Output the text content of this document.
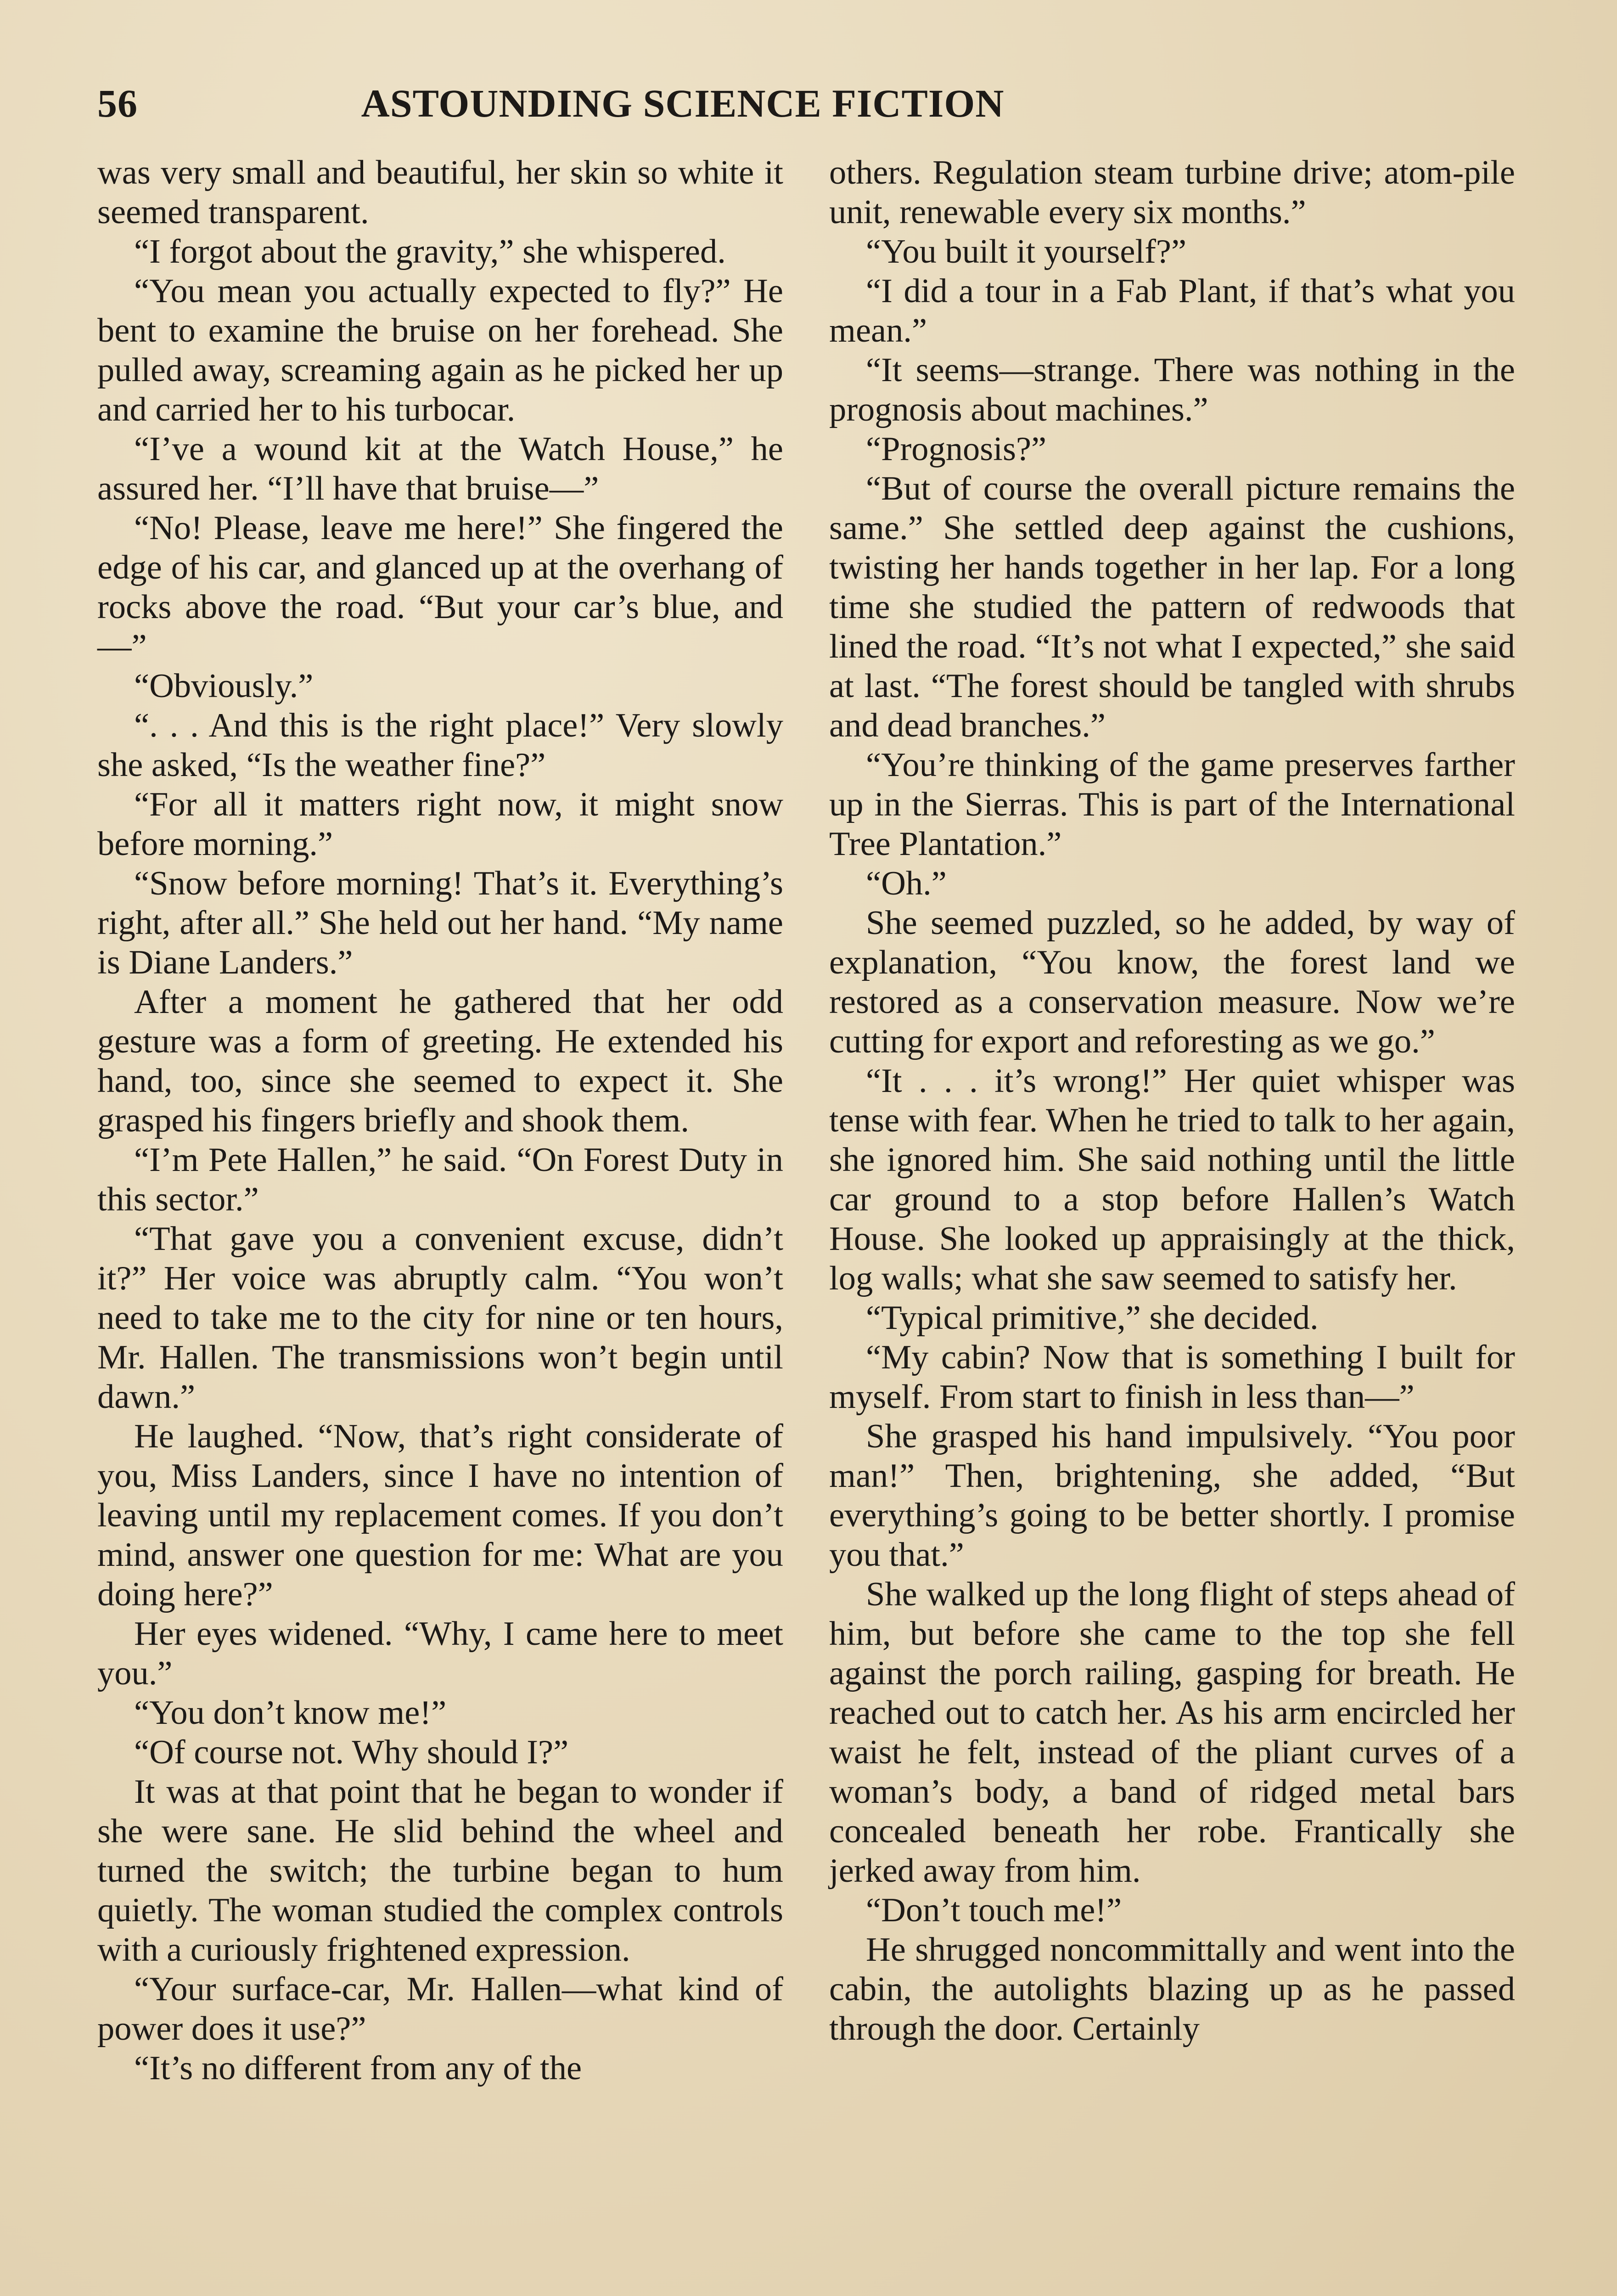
56	ASTOUNDING SCIENCE FICTION

was very small and beautiful, her skin so white it seemed transparent.

“I forgot about the gravity,” she whispered.

“You mean you actually expected to fly?” He bent to examine the bruise on her forehead. She pulled away, screaming again as he picked her up and carried her to his turbocar.

“I’ve a wound kit at the Watch House,” he assured her. “I’ll have that bruise—”

“No! Please, leave me here!” She fingered the edge of his car, and glanced up at the overhang of rocks above the road. “But your car’s blue, and—”

“Obviously.”

“. . . And this is the right place!” Very slowly she asked, “Is the weather fine?”

“For all it matters right now, it might snow before morning.”

“Snow before morning! That’s it. Everything’s right, after all.” She held out her hand. “My name is Diane Landers.”

After a moment he gathered that her odd gesture was a form of greeting. He extended his hand, too, since she seemed to expect it. She grasped his fingers briefly and shook them.

“I’m Pete Hallen,” he said. “On Forest Duty in this sector.”

“That gave you a convenient excuse, didn’t it?” Her voice was abruptly calm. “You won’t need to take me to the city for nine or ten hours, Mr. Hallen. The transmissions won’t begin until dawn.”

He laughed. “Now, that’s right considerate of you, Miss Landers, since I have no intention of leaving until my replacement comes. If you don’t mind, answer one question for me: What are you doing here?”

Her eyes widened. “Why, I came here to meet you.”

“You don’t know me!”

“Of course not. Why should I?”

It was at that point that he began to wonder if she were sane. He slid behind the wheel and turned the switch; the turbine began to hum quietly. The woman studied the complex controls with a curiously frightened expression.

“Your surface-car, Mr. Hallen—what kind of power does it use?”

“It’s no different from any of the

others. Regulation steam turbine drive; atom-pile unit, renewable every six months.”

“You built it yourself?”

“I did a tour in a Fab Plant, if that’s what you mean.”

“It seems—strange. There was nothing in the prognosis about machines.”

“Prognosis?”

“But of course the overall picture remains the same.” She settled deep against the cushions, twisting her hands together in her lap. For a long time she studied the pattern of redwoods that lined the road. “It’s not what I expected,” she said at last. “The forest should be tangled with shrubs and dead branches.”

“You’re thinking of the game preserves farther up in the Sierras. This is part of the International Tree Plantation.”

“Oh.”

She seemed puzzled, so he added, by way of explanation, “You know, the forest land we restored as a conservation measure. Now we’re cutting for export and reforesting as we go.”

“It . . . it’s wrong!” Her quiet whisper was tense with fear. When he tried to talk to her again, she ignored him. She said nothing until the little car ground to a stop before Hallen’s Watch House. She looked up appraisingly at the thick, log walls; what she saw seemed to satisfy her.

“Typical primitive,” she decided.

“My cabin? Now that is something I built for myself. From start to finish in less than—”

She grasped his hand impulsively. “You poor man!” Then, brightening, she added, “But everything’s going to be better shortly. I promise you that.”

She walked up the long flight of steps ahead of him, but before she came to the top she fell against the porch railing, gasping for breath. He reached out to catch her. As his arm encircled her waist he felt, instead of the pliant curves of a woman’s body, a band of ridged metal bars concealed beneath her robe. Frantically she jerked away from him.

“Don’t touch me!”

He shrugged noncommittally and went into the cabin, the autolights blazing up as he passed through the door. Certainly
